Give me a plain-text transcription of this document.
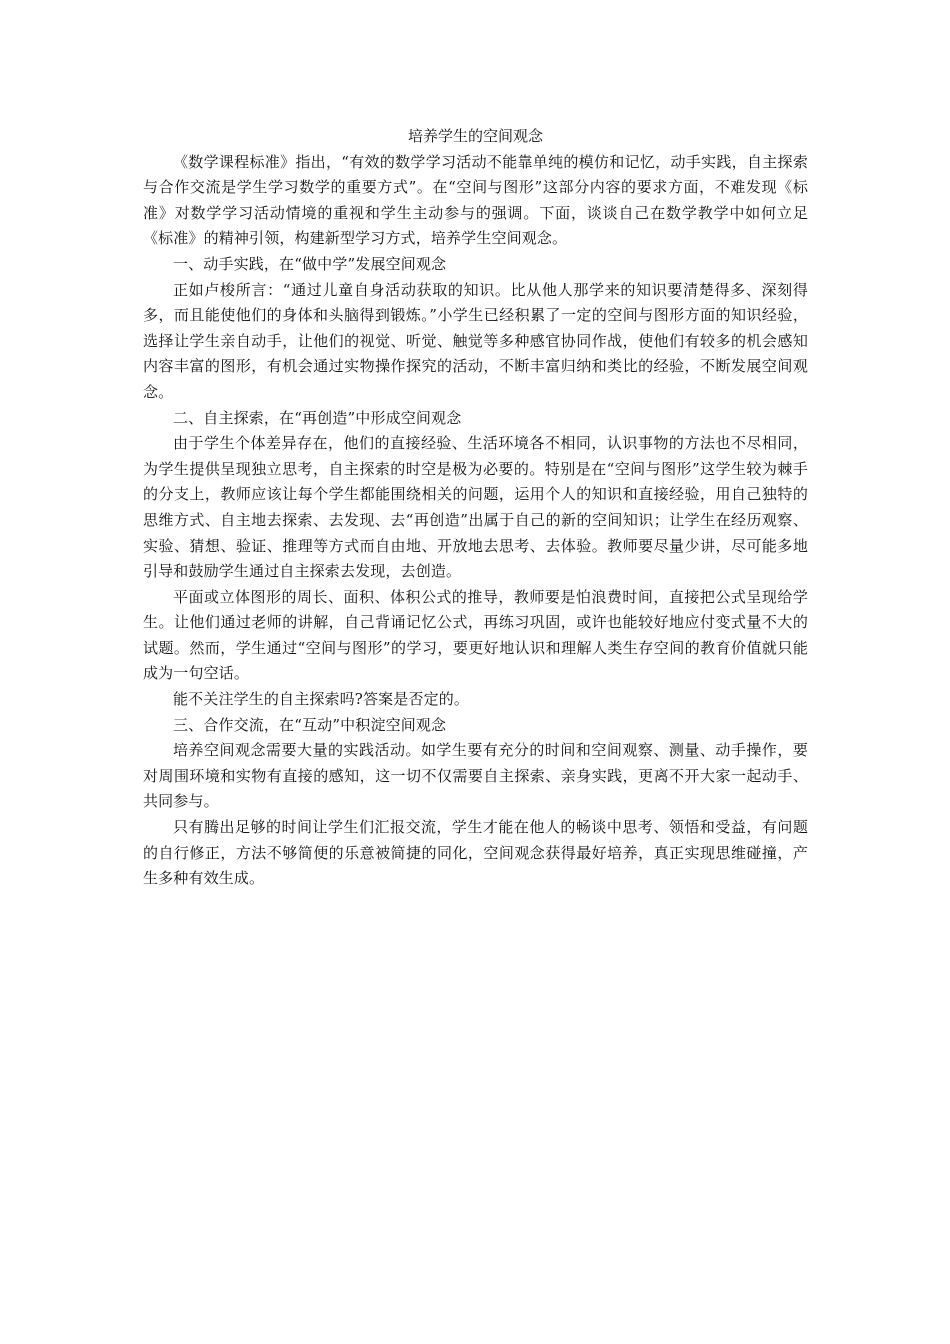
培养学生的空间观念

《数学课程标准》指出，“有效的数学学习活动不能靠单纯的模仿和记忆，动手实践，自主探索与合作交流是学生学习数学的重要方式”。在“空间与图形”这部分内容的要求方面，不难发现《标准》对数学学习活动情境的重视和学生主动参与的强调。下面，谈谈自己在数学教学中如何立足《标准》的精神引领，构建新型学习方式，培养学生空间观念。

一、动手实践，在“做中学”发展空间观念

正如卢梭所言：“通过儿童自身活动获取的知识。比从他人那学来的知识要清楚得多、深刻得多，而且能使他们的身体和头脑得到锻炼。”小学生已经积累了一定的空间与图形方面的知识经验，选择让学生亲自动手，让他们的视觉、听觉、触觉等多种感官协同作战，使他们有较多的机会感知内容丰富的图形，有机会通过实物操作探究的活动，不断丰富归纳和类比的经验，不断发展空间观念。

二、自主探索，在“再创造”中形成空间观念

由于学生个体差异存在，他们的直接经验、生活环境各不相同，认识事物的方法也不尽相同，为学生提供呈现独立思考，自主探索的时空是极为必要的。特别是在“空间与图形”这学生较为棘手的分支上，教师应该让每个学生都能围绕相关的问题，运用个人的知识和直接经验，用自己独特的思维方式、自主地去探索、去发现、去“再创造”出属于自己的新的空间知识；让学生在经历观察、实验、猜想、验证、推理等方式而自由地、开放地去思考、去体验。教师要尽量少讲，尽可能多地引导和鼓励学生通过自主探索去发现，去创造。

平面或立体图形的周长、面积、体积公式的推导，教师要是怕浪费时间，直接把公式呈现给学生。让他们通过老师的讲解，自己背诵记忆公式，再练习巩固，或许也能较好地应付变式量不大的试题。然而，学生通过“空间与图形”的学习，要更好地认识和理解人类生存空间的教育价值就只能成为一句空话。

能不关注学生的自主探索吗?答案是否定的。

三、合作交流，在“互动”中积淀空间观念

培养空间观念需要大量的实践活动。如学生要有充分的时间和空间观察、测量、动手操作，要对周围环境和实物有直接的感知，这一切不仅需要自主探索、亲身实践，更离不开大家一起动手、共同参与。

只有腾出足够的时间让学生们汇报交流，学生才能在他人的畅谈中思考、领悟和受益，有问题的自行修正，方法不够简便的乐意被简捷的同化，空间观念获得最好培养，真正实现思维碰撞，产生多种有效生成。
